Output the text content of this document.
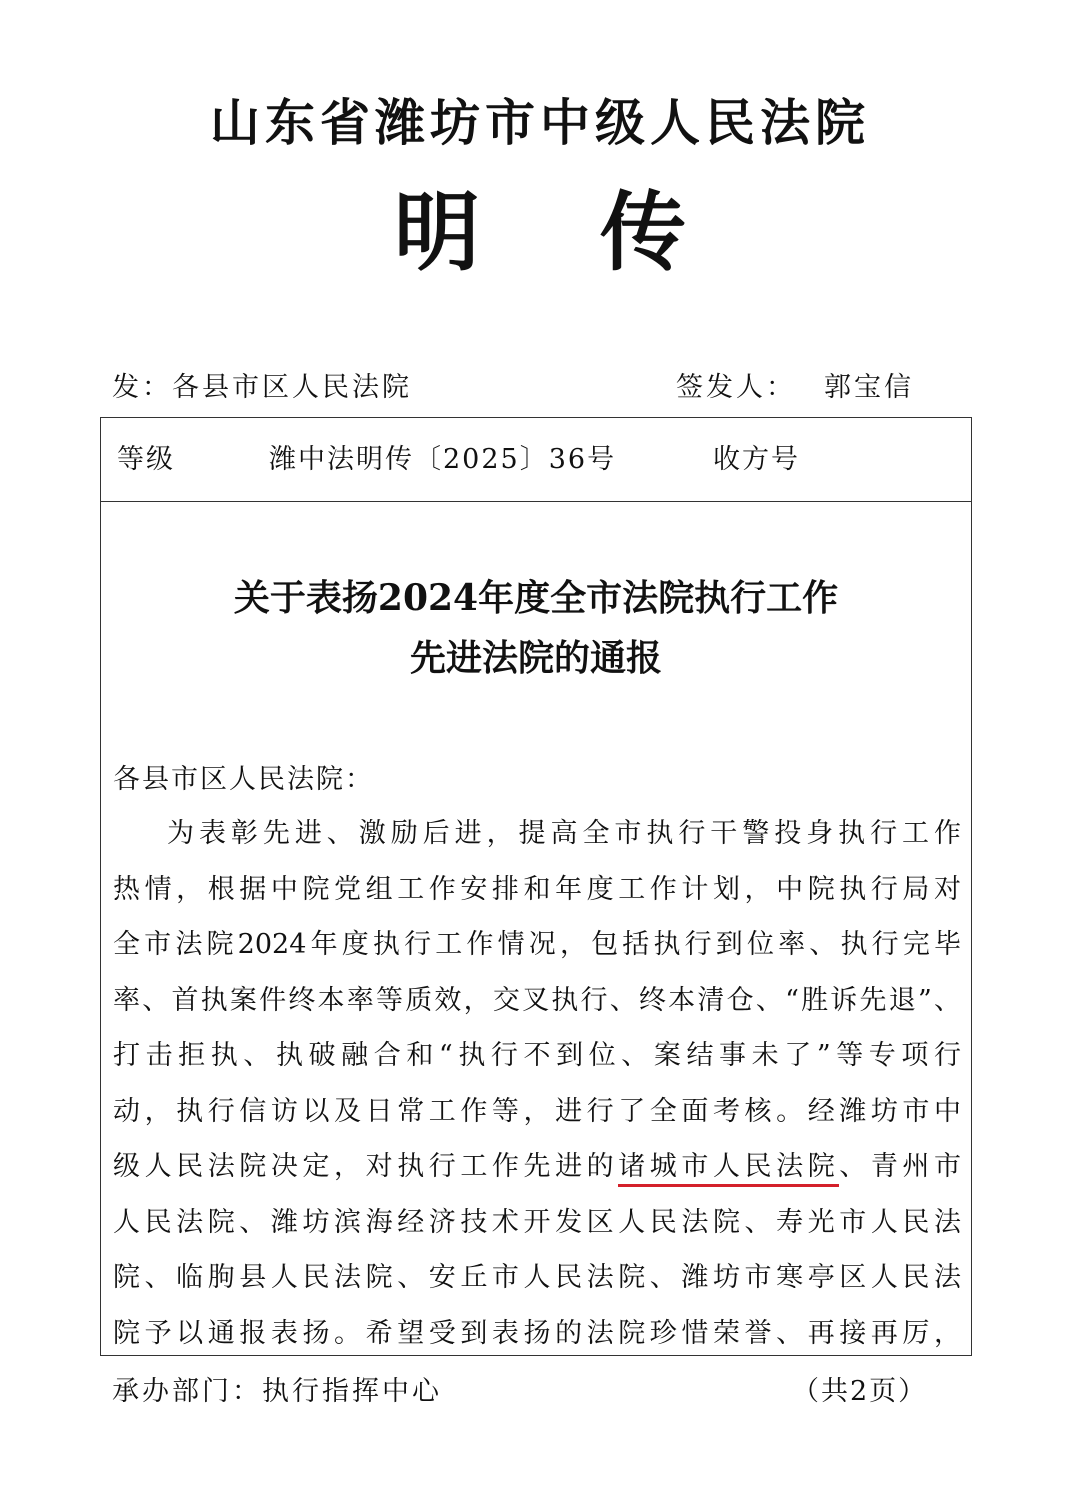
山东省潍坊市中级人民法院
明 传
发：各县市区人民法院	签发人： 郭宝信
等级	潍中法明传〔2025〕36号	收方号
关于表扬2024年度全市法院执行工作
先进法院的通报
各县市区人民法院：
为表彰先进、激励后进，提高全市执行干警投身执行工作
热情，根据中院党组工作安排和年度工作计划，中院执行局对
全市法院2024年度执行工作情况，包括执行到位率、执行完毕
率、首执案件终本率等质效，交叉执行、终本清仓、“胜诉先退”、
打击拒执、执破融合和“执行不到位、案结事未了”等专项行
动，执行信访以及日常工作等，进行了全面考核。经潍坊市中
级人民法院决定，对执行工作先进的诸城市人民法院、青州市
人民法院、潍坊滨海经济技术开发区人民法院、寿光市人民法
院、临朐县人民法院、安丘市人民法院、潍坊市寒亭区人民法
院予以通报表扬。希望受到表扬的法院珍惜荣誉、再接再厉，
承办部门：执行指挥中心	（共2页）
